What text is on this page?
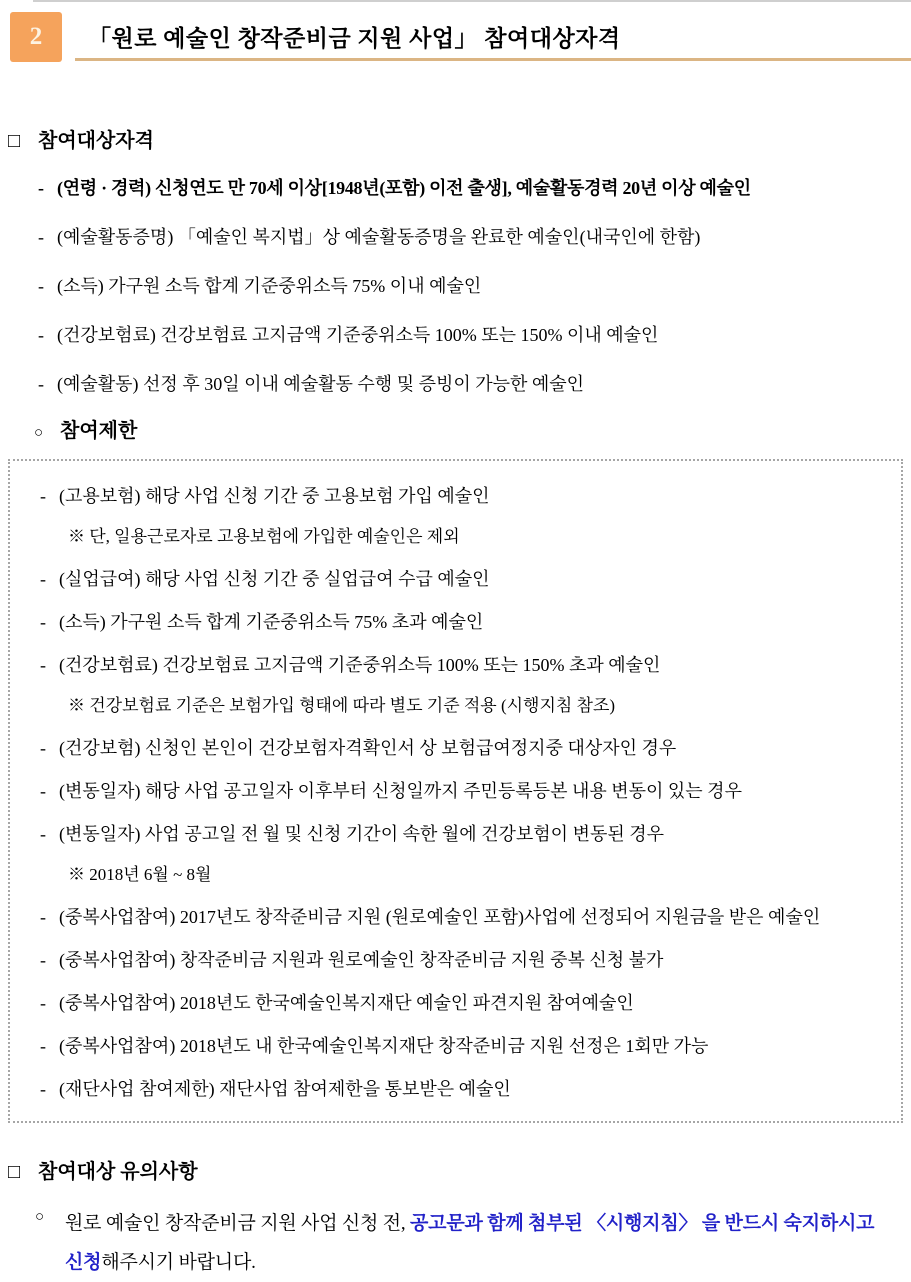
2 「원로 예술인 창작준비금 지원 사업」 참여대상자격
□ 참여대상자격
- (연령 · 경력) 신청연도 만 70세 이상[1948년(포함) 이전 출생], 예술활동경력 20년 이상 예술인
- (예술활동증명) 「예술인 복지법」상 예술활동증명을 완료한 예술인(내국인에 한함)
- (소득) 가구원 소득 합계 기준중위소득 75% 이내 예술인
- (건강보험료) 건강보험료 고지금액 기준중위소득 100% 또는 150% 이내 예술인
- (예술활동) 선정 후 30일 이내 예술활동 수행 및 증빙이 가능한 예술인
○ 참여제한
- (고용보험) 해당 사업 신청 기간 중 고용보험 가입 예술인
※ 단, 일용근로자로 고용보험에 가입한 예술인은 제외
- (실업급여) 해당 사업 신청 기간 중 실업급여 수급 예술인
- (소득) 가구원 소득 합계 기준중위소득 75% 초과 예술인
- (건강보험료) 건강보험료 고지금액 기준중위소득 100% 또는 150% 초과 예술인
※ 건강보험료 기준은 보험가입 형태에 따라 별도 기준 적용 (시행지침 참조)
- (건강보험) 신청인 본인이 건강보험자격확인서 상 보험급여정지중 대상자인 경우
- (변동일자) 해당 사업 공고일자 이후부터 신청일까지 주민등록등본 내용 변동이 있는 경우
- (변동일자) 사업 공고일 전 월 및 신청 기간이 속한 월에 건강보험이 변동된 경우
※ 2018년 6월 ~ 8월
- (중복사업참여) 2017년도 창작준비금 지원 (원로예술인 포함)사업에 선정되어 지원금을 받은 예술인
- (중복사업참여) 창작준비금 지원과 원로예술인 창작준비금 지원 중복 신청 불가
- (중복사업참여) 2018년도 한국예술인복지재단 예술인 파견지원 참여예술인
- (중복사업참여) 2018년도 내 한국예술인복지재단 창작준비금 지원 선정은 1회만 가능
- (재단사업 참여제한) 재단사업 참여제한을 통보받은 예술인
□ 참여대상 유의사항
○	원로 예술인 창작준비금 지원 사업 신청 전, 공고문과 함께 첨부된 〈시행지침〉 을 반드시 숙지하시고 신청해주시기 바랍니다.
